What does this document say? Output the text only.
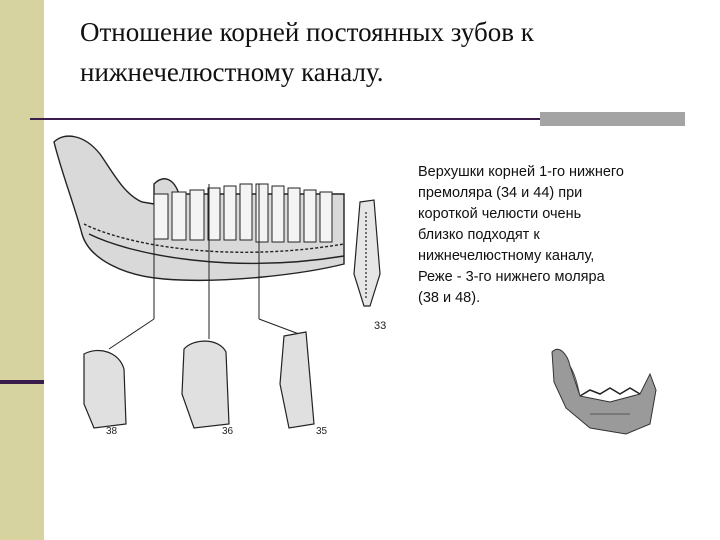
Отношение корней постоянных зубов к
нижнечелюстному каналу.
33
38	36	35
Верхушки корней 1-го нижнего
премоляра (34 и 44) при
короткой челюсти очень
близко подходят к
нижнечелюстному каналу,
Реже - 3-го нижнего моляра
(38 и 48).
